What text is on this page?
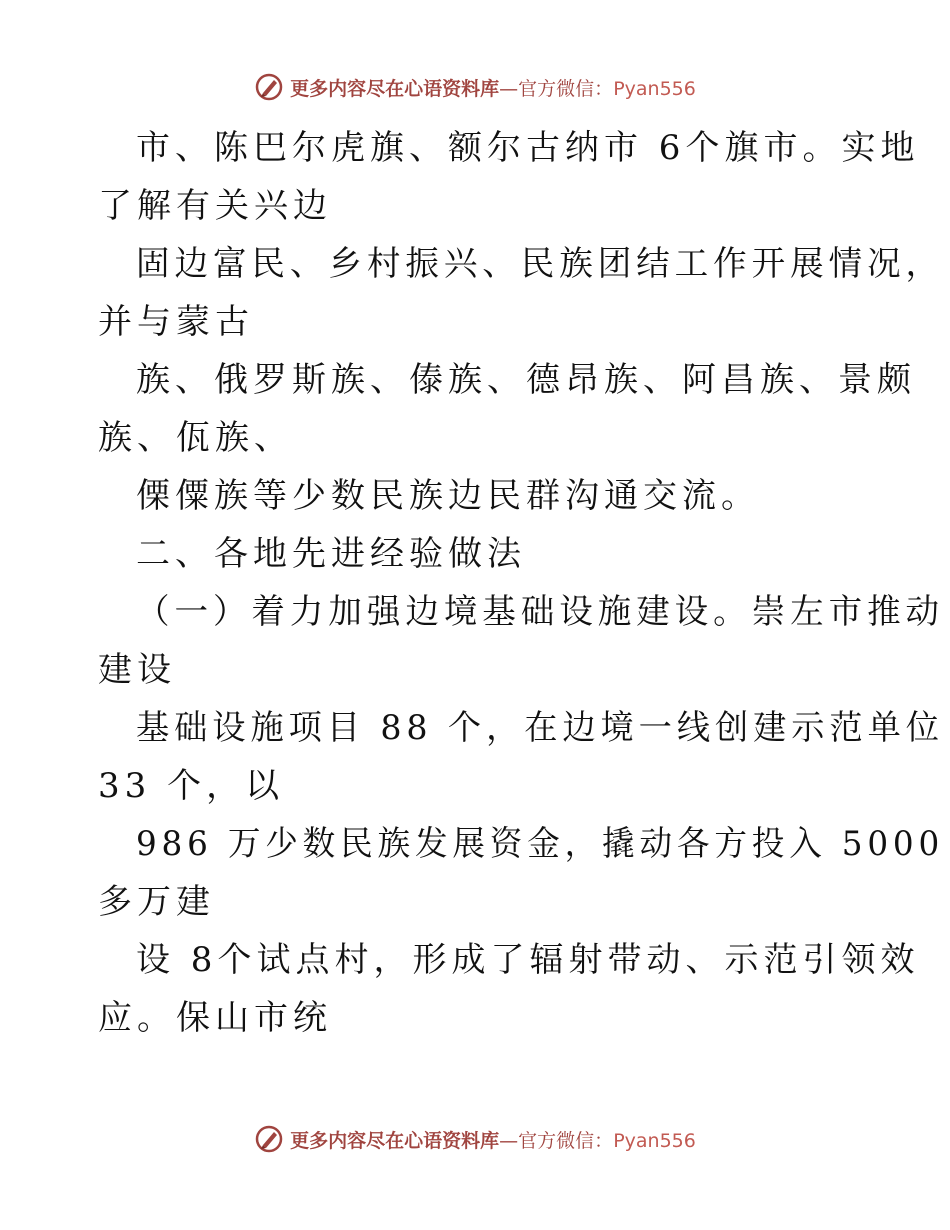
更多内容尽在心语资料库—官方微信：Pyan556
市、陈巴尔虎旗、额尔古纳市 6个旗市。实地
了解有关兴边
固边富民、乡村振兴、民族团结工作开展情况，
并与蒙古
族、俄罗斯族、傣族、德昂族、阿昌族、景颇
族、佤族、
傈僳族等少数民族边民群沟通交流。
二、各地先进经验做法
（一）着力加强边境基础设施建设。崇左市推动
建设
基础设施项目 88 个，在边境一线创建示范单位
33 个，以
986 万少数民族发展资金，撬动各方投入 5000
多万建
设 8个试点村，形成了辐射带动、示范引领效
应。保山市统
更多内容尽在心语资料库—官方微信：Pyan556
